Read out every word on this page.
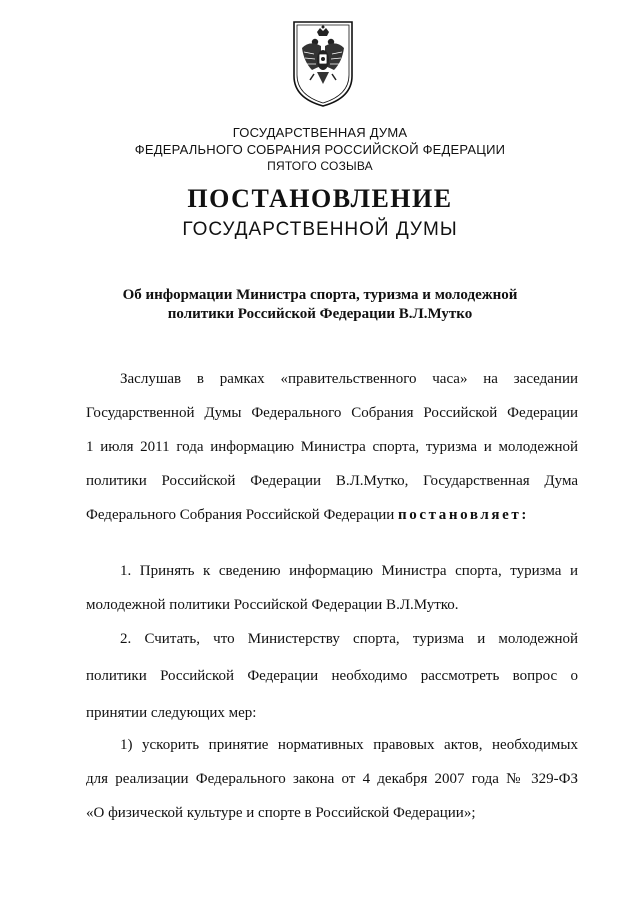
ГОСУДАРСТВЕННАЯ ДУМА
ФЕДЕРАЛЬНОГО СОБРАНИЯ РОССИЙСКОЙ ФЕДЕРАЦИИ
ПЯТОГО СОЗЫВА
ПОСТАНОВЛЕНИЕ
ГОСУДАРСТВЕННОЙ ДУМЫ
Об информации Министра спорта, туризма и молодежной
политики Российской Федерации В.Л.Мутко
Заслушав в рамках «правительственного часа» на заседании
Государственной Думы Федерального Собрания Российской Федерации
1 июля 2011 года информацию Министра спорта, туризма и молодежной
политики Российской Федерации В.Л.Мутко, Государственная Дума
Федерального Собрания Российской Федерации постановляет:
1. Принять к сведению информацию Министра спорта, туризма и
молодежной политики Российской Федерации В.Л.Мутко.
2. Считать, что Министерству спорта, туризма и молодежной
политики Российской Федерации необходимо рассмотреть вопрос о
принятии следующих мер:
1) ускорить принятие нормативных правовых актов, необходимых
для реализации Федерального закона от 4 декабря 2007 года № 329-ФЗ
«О физической культуре и спорте в Российской Федерации»;
